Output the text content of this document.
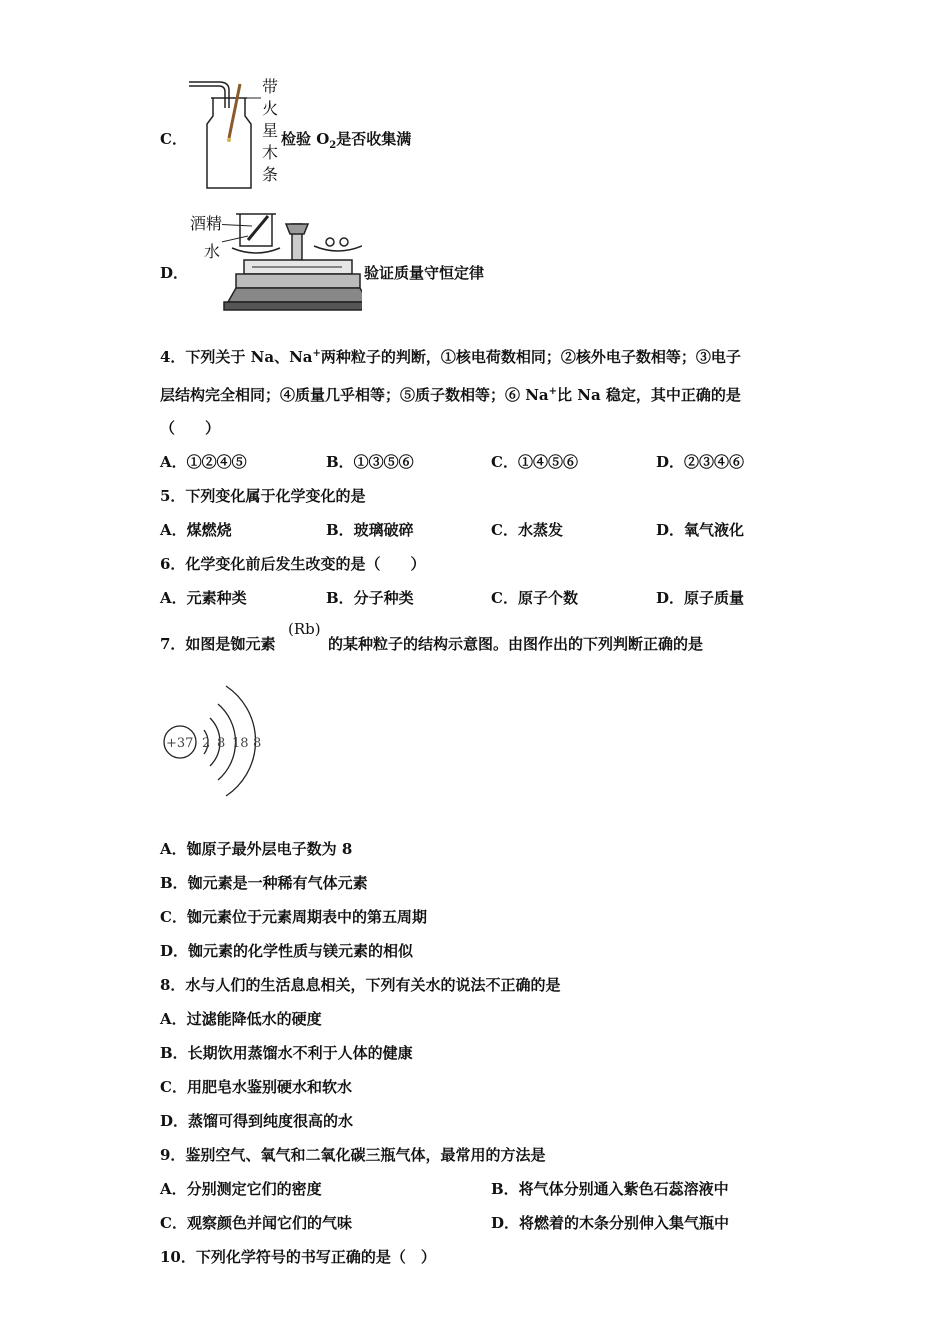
C．
带
火
星
木
条
检验 $O_2$是否收集满
D．
酒精
水
验证质量守恒定律
4．下列关于 Na、Na+两种粒子的判断，①核电荷数相同；②核外电子数相等；③电子
层结构完全相同；④质量几乎相等；⑤质子数相等；⑥ Na+比 Na 稳定，其中正确的是
（　　）
A．①②④⑤	B．①③⑤⑥	C．①④⑤⑥	D．②③④⑥
5．下列变化属于化学变化的是
A．煤燃烧	B．玻璃破碎	C．水蒸发	D．氧气液化
6．化学变化前后发生改变的是（　　）
A．元素种类	B．分子种类	C．原子个数	D．原子质量
7．如图是铷元素
(Rb)
的某种粒子的结构示意图。由图作出的下列判断正确的是
+37 2 8 18 8
A．铷原子最外层电子数为 8
B．铷元素是一种稀有气体元素
C．铷元素位于元素周期表中的第五周期
D．铷元素的化学性质与镁元素的相似
8．水与人们的生活息息相关，下列有关水的说法不正确的是
A．过滤能降低水的硬度
B．长期饮用蒸馏水不利于人体的健康
C．用肥皂水鉴别硬水和软水
D．蒸馏可得到纯度很高的水
9．鉴别空气、氧气和二氧化碳三瓶气体，最常用的方法是
A．分别测定它们的密度	B．将气体分别通入紫色石蕊溶液中
C．观察颜色并闻它们的气味	D．将燃着的木条分别伸入集气瓶中
10．下列化学符号的书写正确的是（　）
